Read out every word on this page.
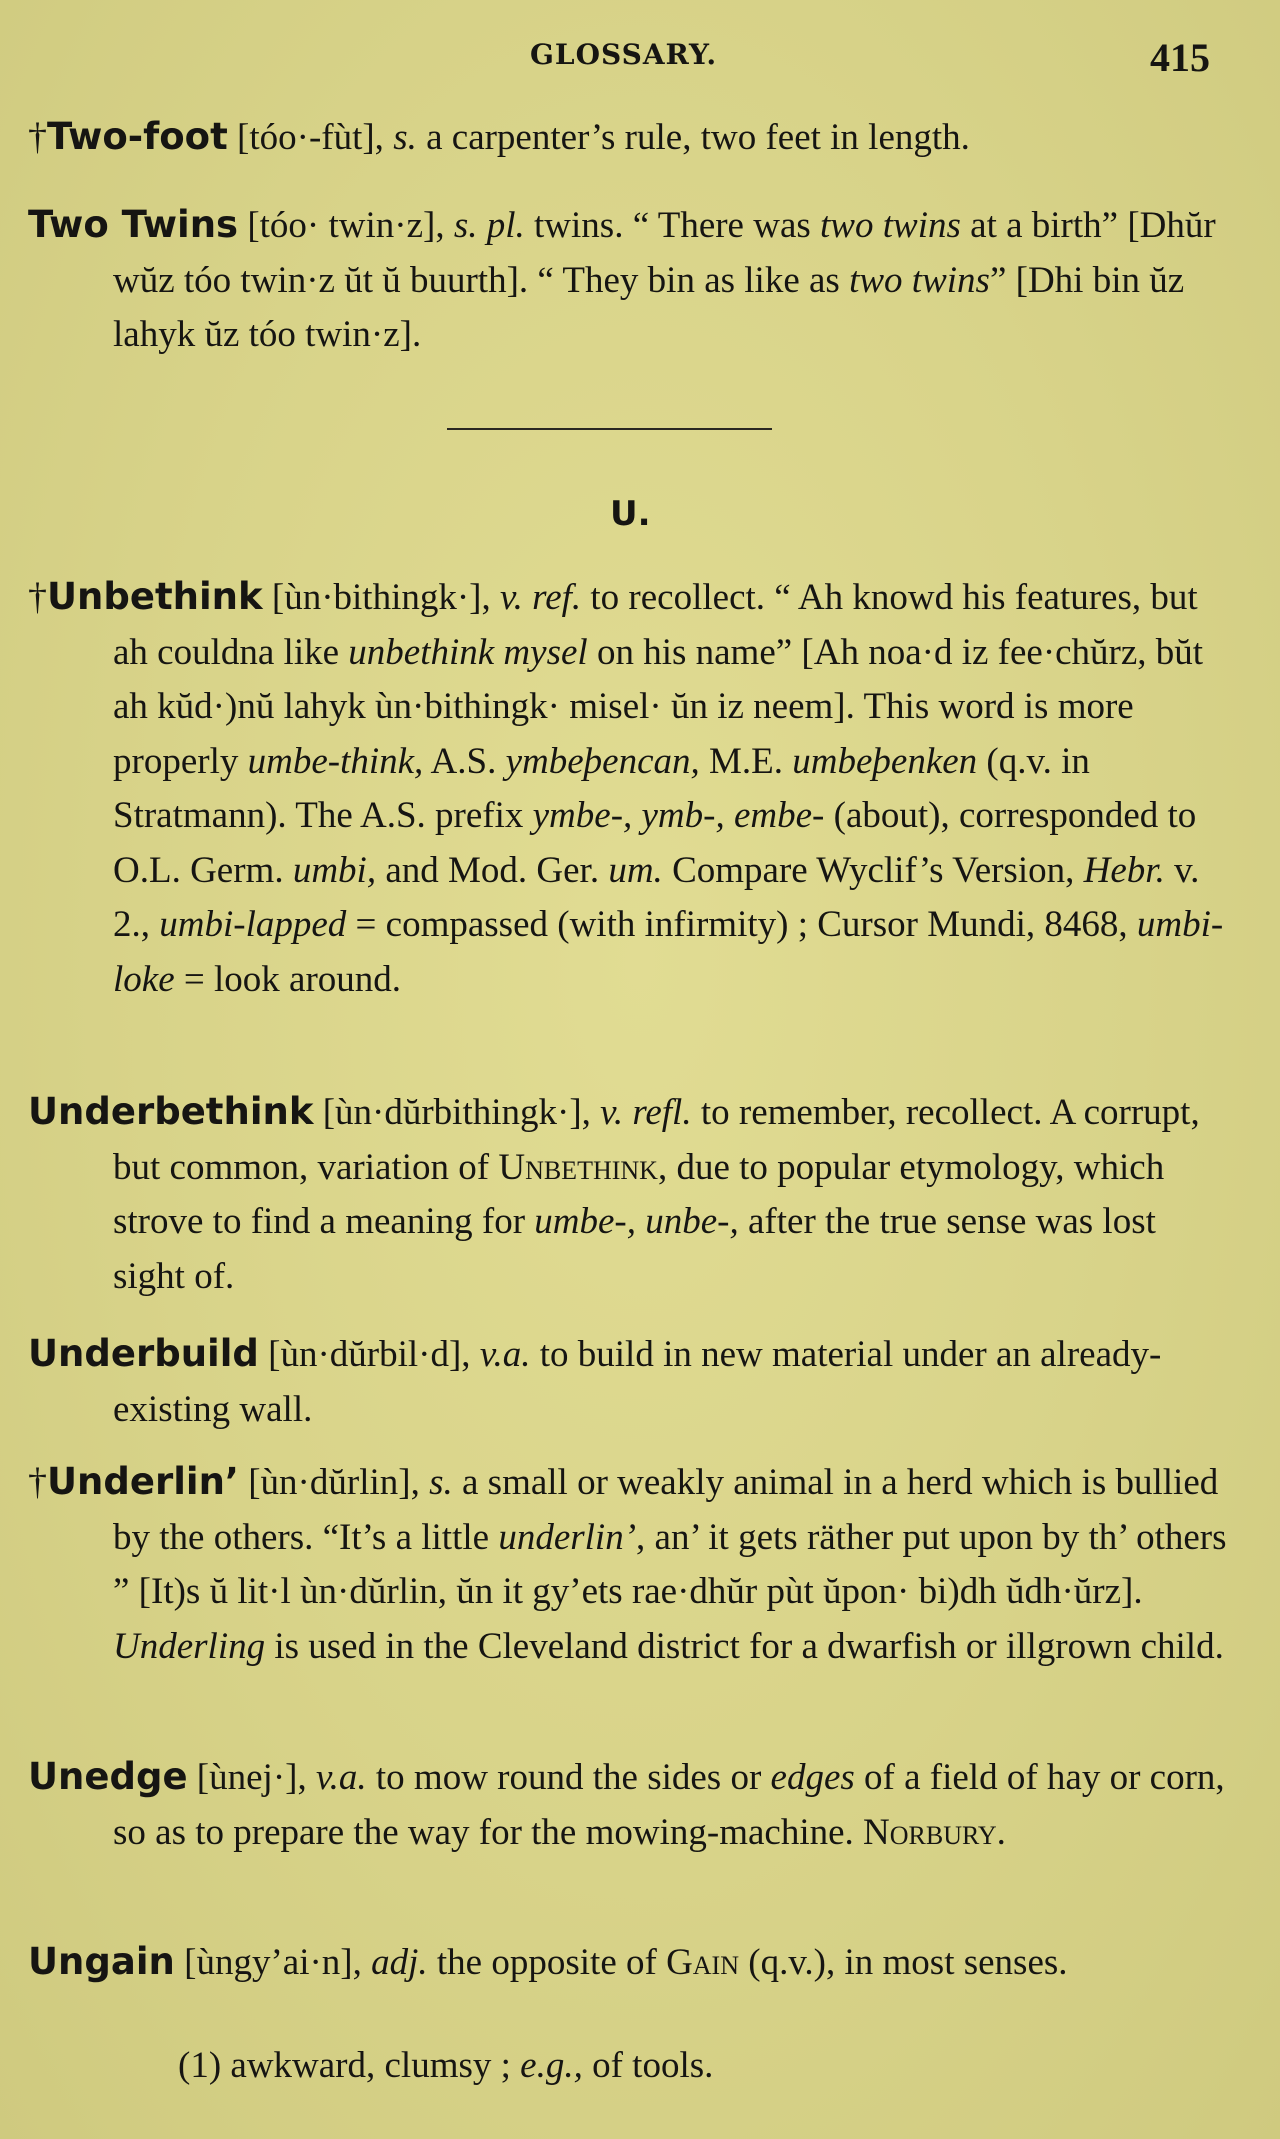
GLOSSARY.	415

†Two-foot [tóo·-fùt], s. a carpenter’s rule, two feet in length.

Two Twins [tóo· twin·z], s. pl. twins. “ There was two twins at a birth” [Dhŭr wŭz tóo twin·z ŭt ŭ buurth]. “ They bin as like as two twins” [Dhi bin ŭz lahyk ŭz tóo twin·z].

U.

†Unbethink [ùn·bithingk·], v. ref. to recollect. “ Ah knowd his features, but ah couldna like unbethink mysel on his name” [Ah noa·d iz fee·chŭrz, bŭt ah kŭd·)nŭ lahyk ùn·bithingk· misel· ŭn iz neem]. This word is more properly umbe-think, A.S. ymbeþencan, M.E. umbeþenken (q.v. in Stratmann). The A.S. prefix ymbe-, ymb-, embe- (about), corresponded to O.L. Germ. umbi, and Mod. Ger. um. Compare Wyclif’s Version, Hebr. v. 2., umbi-lapped = compassed (with infirmity) ; Cursor Mundi, 8468, umbi-loke = look around.

Underbethink [ùn·dŭrbithingk·], v. refl. to remember, recollect. A corrupt, but common, variation of Unbethink, due to popular etymology, which strove to find a meaning for umbe-, unbe-, after the true sense was lost sight of.

Underbuild [ùn·dŭrbil·d], v.a. to build in new material under an already-existing wall.

†Underlin’ [ùn·dŭrlin], s. a small or weakly animal in a herd which is bullied by the others. “It’s a little underlin’, an’ it gets räther put upon by th’ others ” [It)s ŭ lit·l ùn·dŭrlin, ŭn it gy’ets rae·dhŭr pùt ŭpon· bi)dh ŭdh·ŭrz]. Underling is used in the Cleveland district for a dwarfish or illgrown child.

Unedge [ùnej·], v.a. to mow round the sides or edges of a field of hay or corn, so as to prepare the way for the mowing-machine. Norbury.

Ungain [ùngy’ai·n], adj. the opposite of Gain (q.v.), in most senses.

(1) awkward, clumsy ; e.g., of tools.
